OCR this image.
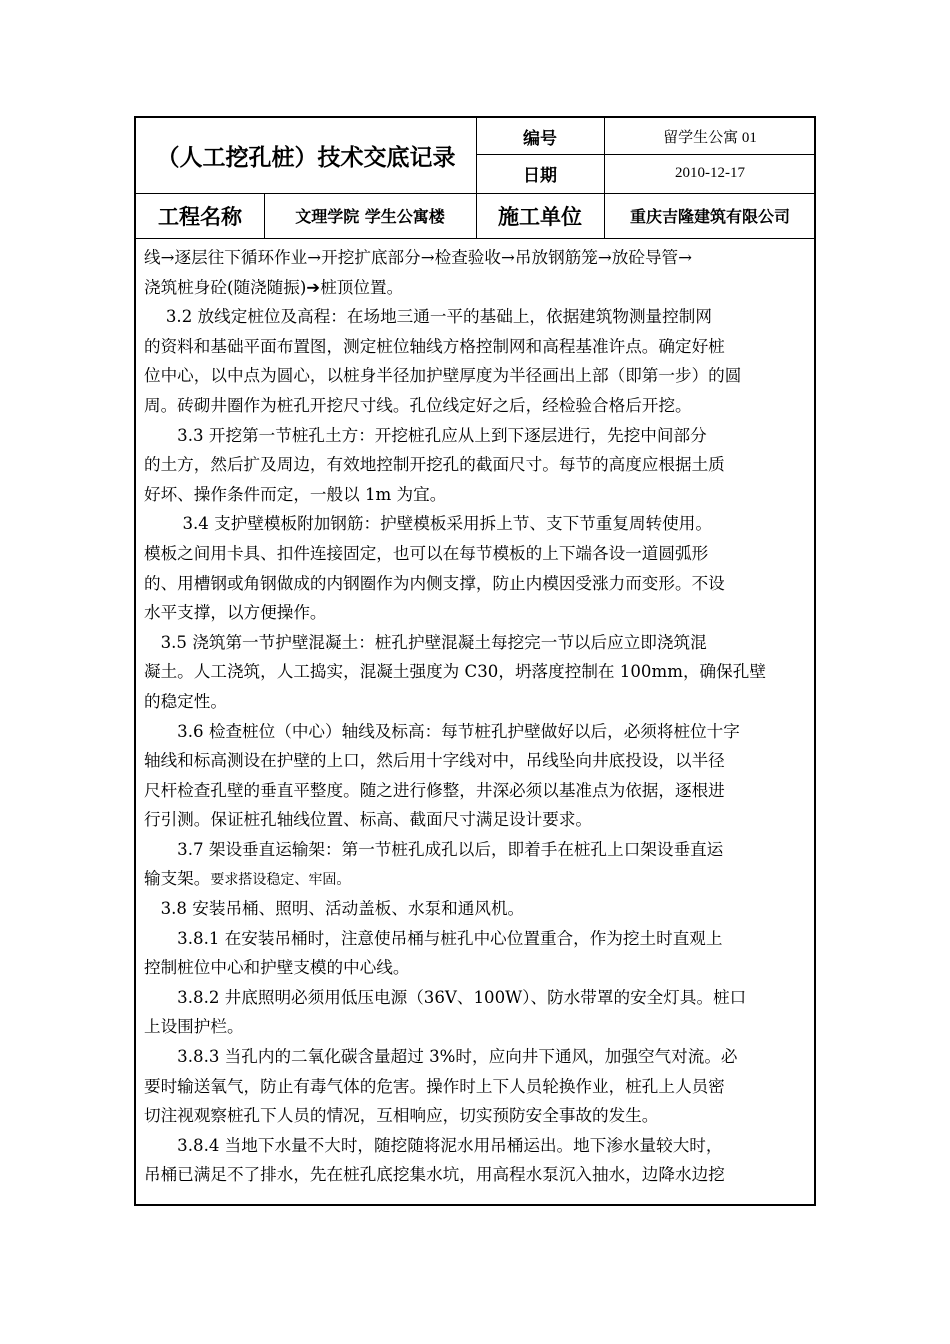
（人工挖孔桩）技术交底记录
编号	留学生公寓 01
日期	2010-12-17
工程名称	文理学院 学生公寓楼	施工单位	重庆吉隆建筑有限公司
线→逐层往下循环作业→开挖扩底部分→检查验收→吊放钢筋笼→放砼导管→
浇筑桩身砼(随浇随振)➔桩顶位置。
　 3.2 放线定桩位及高程：在场地三通一平的基础上，依据建筑物测量控制网
的资料和基础平面布置图，测定桩位轴线方格控制网和高程基准许点。确定好桩
位中心，以中点为圆心，以桩身半径加护壁厚度为半径画出上部（即第一步）的圆
周。砖砌井圈作为桩孔开挖尺寸线。孔位线定好之后，经检验合格后开挖。
　　3.3 开挖第一节桩孔土方：开挖桩孔应从上到下逐层进行，先挖中间部分
的土方，然后扩及周边，有效地控制开挖孔的截面尺寸。每节的高度应根据土质
好坏、操作条件而定，一般以 1m 为宜。
　　 3.4 支护壁模板附加钢筋：护壁模板采用拆上节、支下节重复周转使用。
模板之间用卡具、扣件连接固定，也可以在每节模板的上下端各设一道圆弧形
的、用槽钢或角钢做成的内钢圈作为内侧支撑，防止内模因受涨力而变形。不设
水平支撑，以方便操作。
　3.5 浇筑第一节护壁混凝土：桩孔护壁混凝土每挖完一节以后应立即浇筑混
凝土。人工浇筑，人工捣实，混凝土强度为 C30，坍落度控制在 100mm，确保孔壁
的稳定性。
　　3.6 检查桩位（中心）轴线及标高：每节桩孔护壁做好以后，必须将桩位十字
轴线和标高测设在护壁的上口，然后用十字线对中，吊线坠向井底投设，以半径
尺杆检查孔壁的垂直平整度。随之进行修整，井深必须以基准点为依据，逐根进
行引测。保证桩孔轴线位置、标高、截面尺寸满足设计要求。
　　3.7 架设垂直运输架：第一节桩孔成孔以后，即着手在桩孔上口架设垂直运
输支架。要求搭设稳定、牢固。
　3.8 安装吊桶、照明、活动盖板、水泵和通风机。
　　3.8.1 在安装吊桶时，注意使吊桶与桩孔中心位置重合，作为挖土时直观上
控制桩位中心和护壁支模的中心线。
　　3.8.2 井底照明必须用低压电源（36V、100W）、防水带罩的安全灯具。桩口
上设围护栏。
　　3.8.3 当孔内的二氧化碳含量超过 3%时，应向井下通风，加强空气对流。必
要时输送氧气，防止有毒气体的危害。操作时上下人员轮换作业，桩孔上人员密
切注视观察桩孔下人员的情况，互相响应，切实预防安全事故的发生。
　　3.8.4 当地下水量不大时，随挖随将泥水用吊桶运出。地下渗水量较大时，
吊桶已满足不了排水，先在桩孔底挖集水坑，用高程水泵沉入抽水，边降水边挖
